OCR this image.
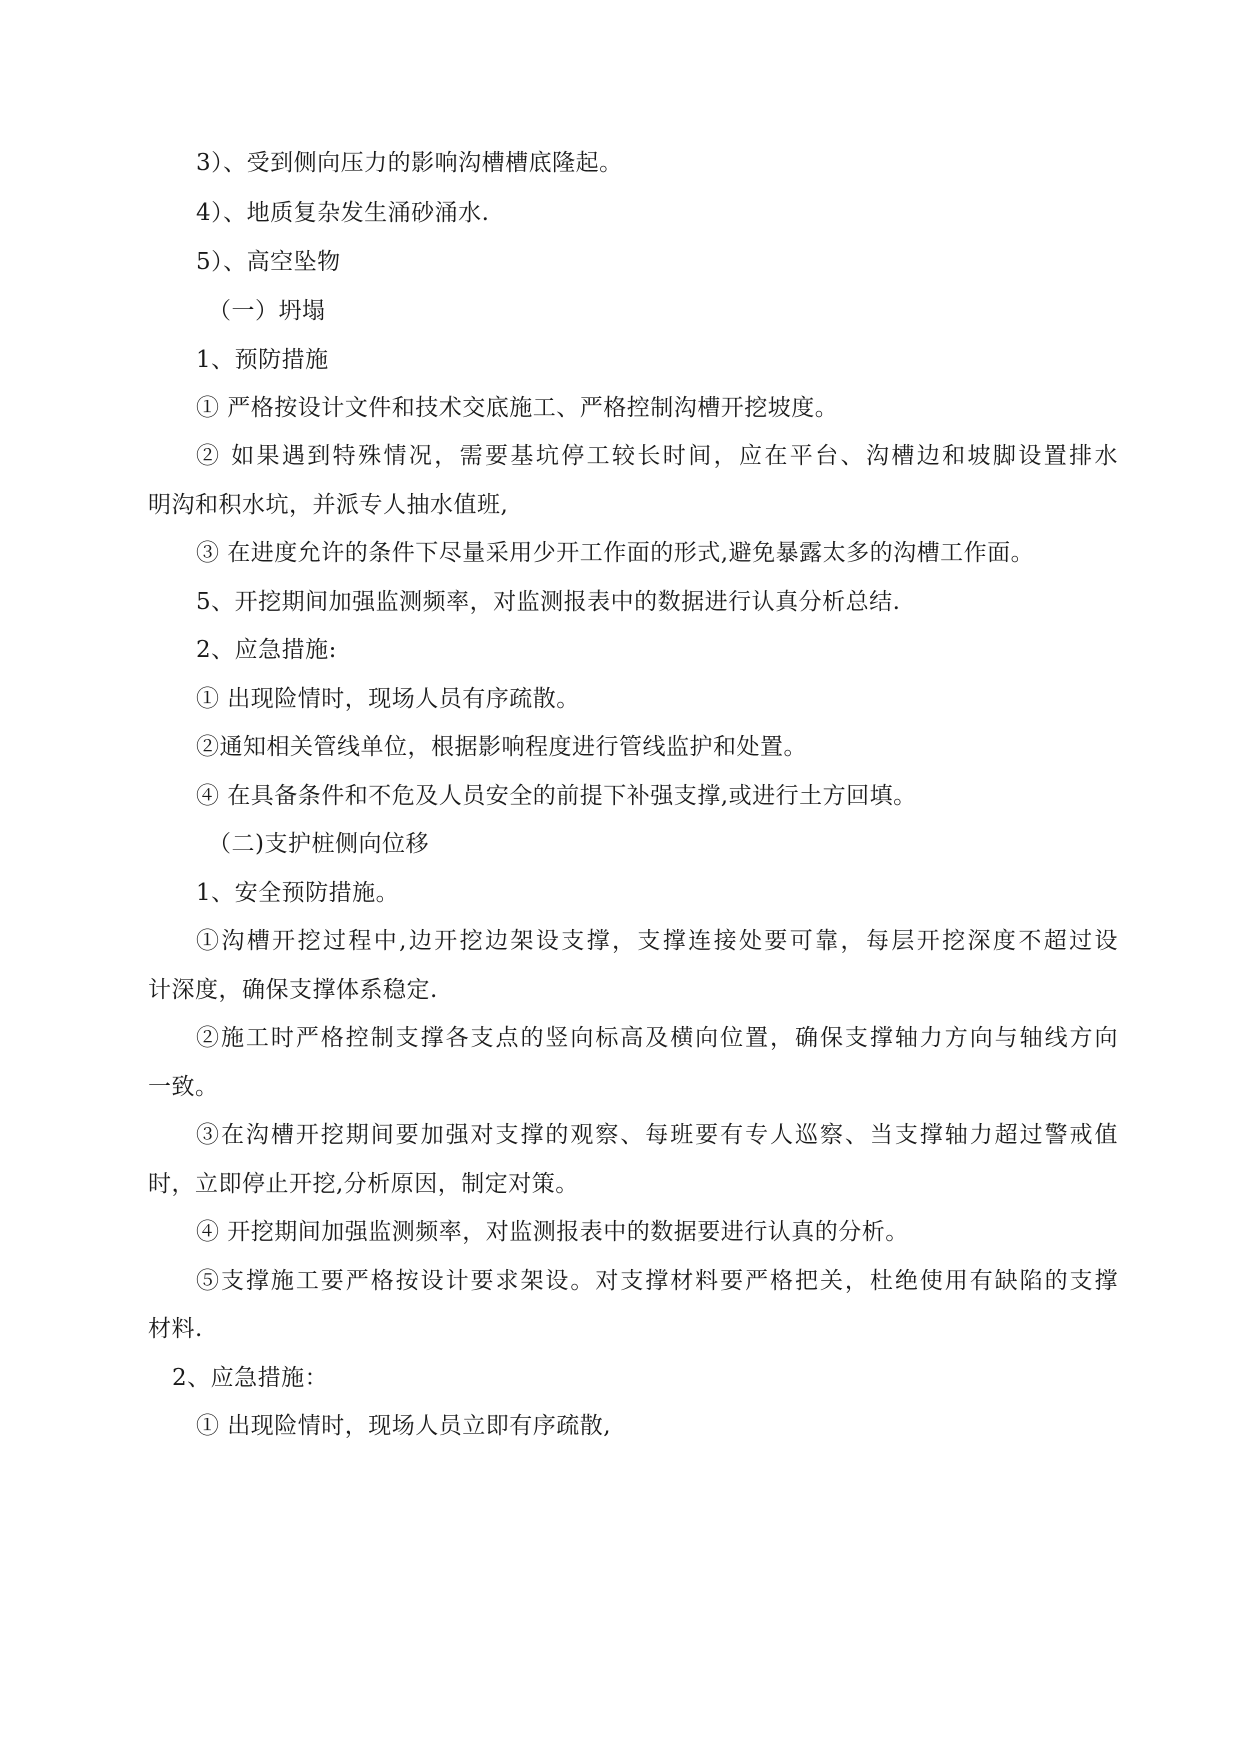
3）、受到侧向压力的影响沟槽槽底隆起。
4）、地质复杂发生涌砂涌水.
5）、高空坠物
（一）坍塌
1、预防措施
① 严格按设计文件和技术交底施工、严格控制沟槽开挖坡度。
② 如果遇到特殊情况，需要基坑停工较长时间，应在平台、沟槽边和坡脚设置排水
明沟和积水坑，并派专人抽水值班,
③ 在进度允许的条件下尽量采用少开工作面的形式,避免暴露太多的沟槽工作面。
5、开挖期间加强监测频率，对监测报表中的数据进行认真分析总结.
2、应急措施:
① 出现险情时，现场人员有序疏散。
②通知相关管线单位，根据影响程度进行管线监护和处置。
④ 在具备条件和不危及人员安全的前提下补强支撑,或进行土方回填。
（二)支护桩侧向位移
1、安全预防措施。
①沟槽开挖过程中,边开挖边架设支撑，支撑连接处要可靠，每层开挖深度不超过设
计深度，确保支撑体系稳定.
②施工时严格控制支撑各支点的竖向标高及横向位置，确保支撑轴力方向与轴线方向
一致。
③在沟槽开挖期间要加强对支撑的观察、每班要有专人巡察、当支撑轴力超过警戒值
时，立即停止开挖,分析原因，制定对策。
④ 开挖期间加强监测频率，对监测报表中的数据要进行认真的分析。
⑤支撑施工要严格按设计要求架设。对支撑材料要严格把关，杜绝使用有缺陷的支撑
材料.
2、应急措施：
① 出现险情时，现场人员立即有序疏散,
